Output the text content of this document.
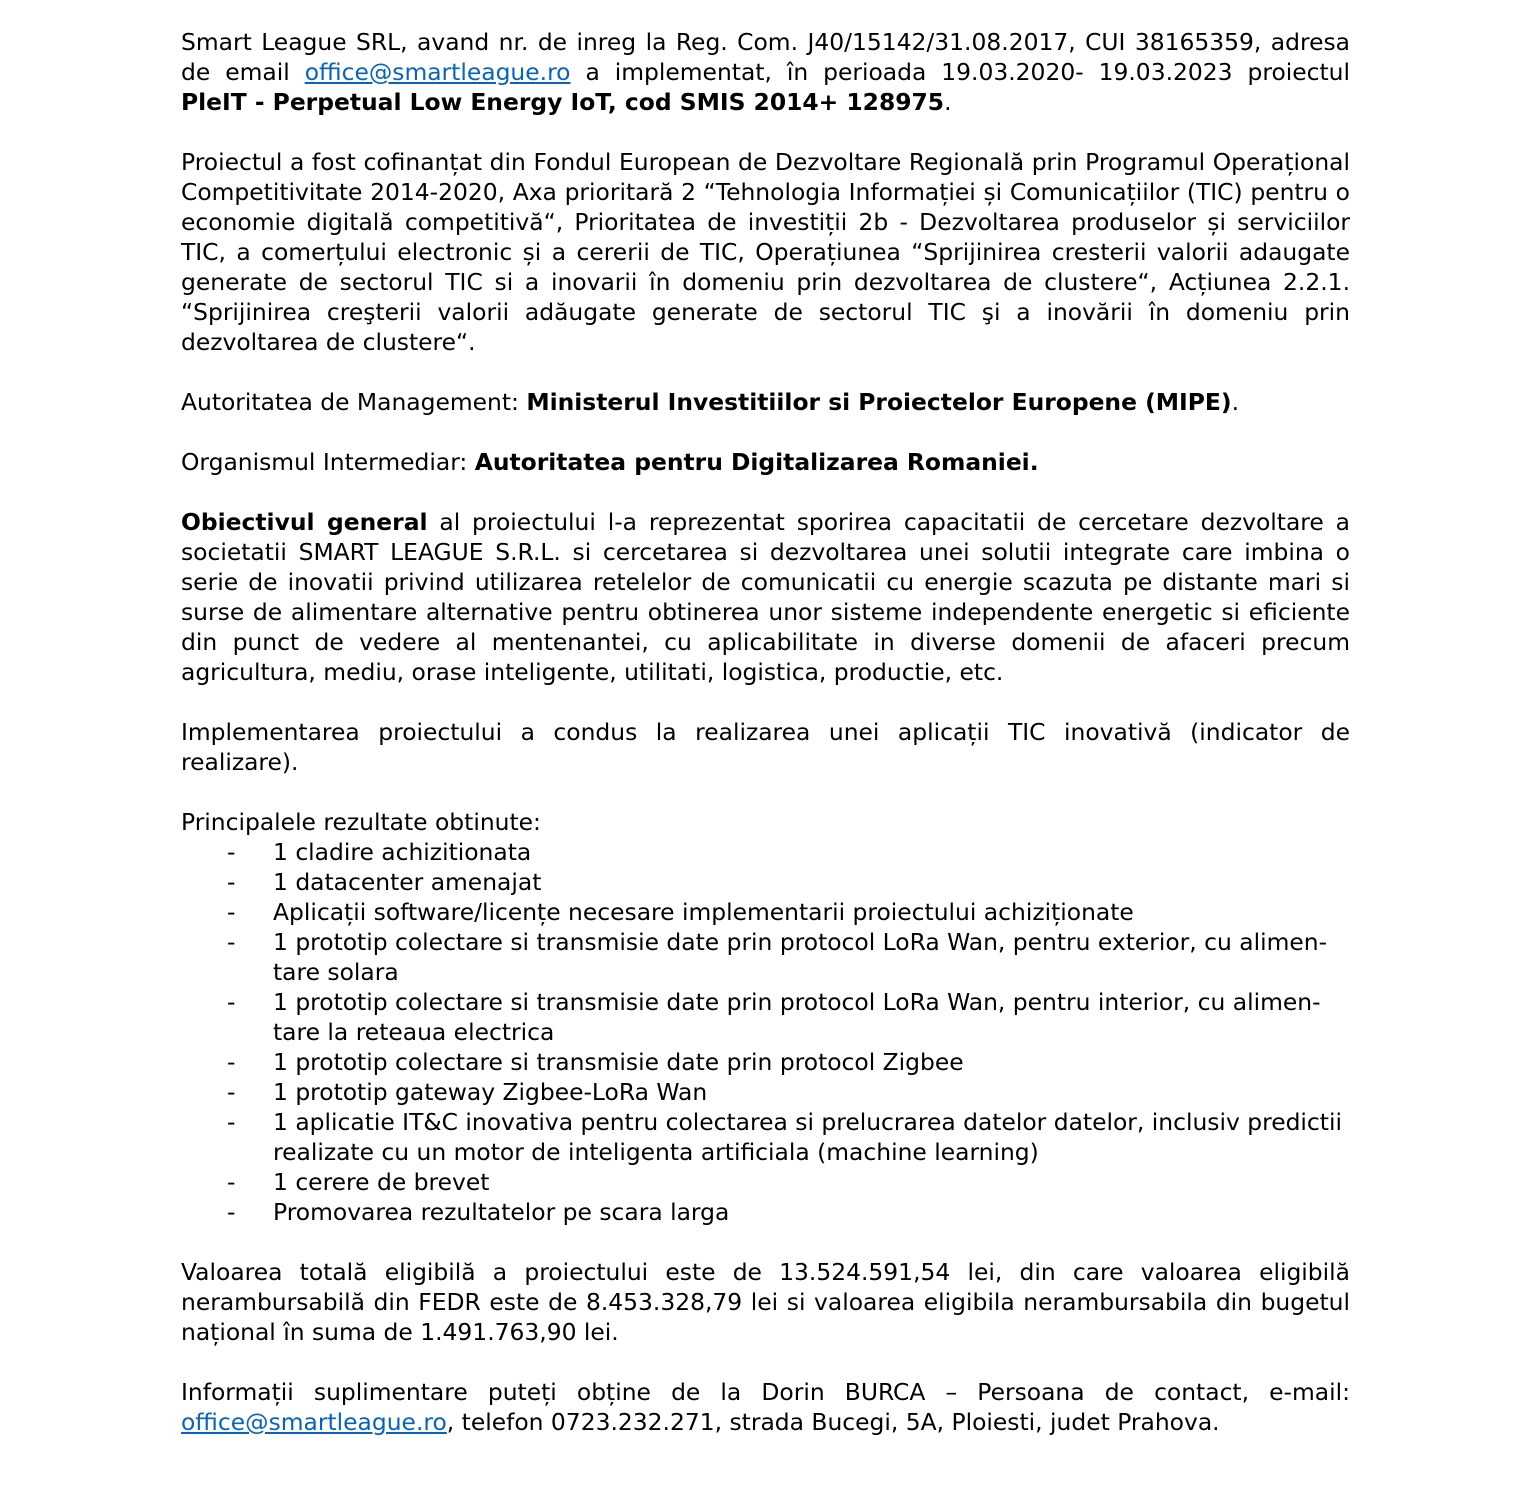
Smart League SRL, avand nr. de inreg la Reg. Com. J40/15142/31.08.2017, CUI 38165359, adresa de email office@smartleague.ro a implementat, în perioada 19.03.2020- 19.03.2023 proiectul PleIT - Perpetual Low Energy IoT, cod SMIS 2014+ 128975.

Proiectul a fost cofinanțat din Fondul European de Dezvoltare Regională prin Programul Operațional Competitivitate 2014-2020, Axa prioritară 2 “Tehnologia Informației și Comunicațiilor (TIC) pentru o economie digitală competitivă“, Prioritatea de investiții 2b - Dezvoltarea produselor și serviciilor TIC, a comerțului electronic și a cererii de TIC, Operațiunea “Sprijinirea cresterii valorii adaugate generate de sectorul TIC si a inovarii în domeniu prin dezvoltarea de clustere“, Acțiunea 2.2.1. “Sprijinirea creşterii valorii adăugate generate de sectorul TIC şi a inovării în domeniu prin dezvoltarea de clustere“.

Autoritatea de Management: Ministerul Investitiilor si Proiectelor Europene (MIPE).

Organismul Intermediar: Autoritatea pentru Digitalizarea Romaniei.

Obiectivul general al proiectului l-a reprezentat sporirea capacitatii de cercetare dezvoltare a societatii SMART LEAGUE S.R.L. si cercetarea si dezvoltarea unei solutii integrate care imbina o serie de inovatii privind utilizarea retelelor de comunicatii cu energie scazuta pe distante mari si surse de alimentare alternative pentru obtinerea unor sisteme independente energetic si eficiente din punct de vedere al mentenantei, cu aplicabilitate in diverse domenii de afaceri precum agricultura, mediu, orase inteligente, utilitati, logistica, productie, etc.

Implementarea proiectului a condus la realizarea unei aplicații TIC inovativă (indicator de realizare).

Principalele rezultate obtinute:

- 1 cladire achizitionata
- 1 datacenter amenajat
- Aplicații software/licențe necesare implementarii proiectului achiziționate
- 1 prototip colectare si transmisie date prin protocol LoRa Wan, pentru exterior, cu alimen- tare solara
- 1 prototip colectare si transmisie date prin protocol LoRa Wan, pentru interior, cu alimen- tare la reteaua electrica
- 1 prototip colectare si transmisie date prin protocol Zigbee
- 1 prototip gateway Zigbee-LoRa Wan
- 1 aplicatie IT&C inovativa pentru colectarea si prelucrarea datelor datelor, inclusiv predictii realizate cu un motor de inteligenta artificiala (machine learning)
- 1 cerere de brevet
- Promovarea rezultatelor pe scara larga

Valoarea totală eligibilă a proiectului este de 13.524.591,54 lei, din care valoarea eligibilă nerambursabilă din FEDR este de 8.453.328,79 lei si valoarea eligibila nerambursabila din bugetul național în suma de 1.491.763,90 lei.

Informații suplimentare puteți obține de la Dorin BURCA – Persoana de contact, e-mail:

office@smartleague.ro, telefon 0723.232.271, strada Bucegi, 5A, Ploiesti, judet Prahova.
